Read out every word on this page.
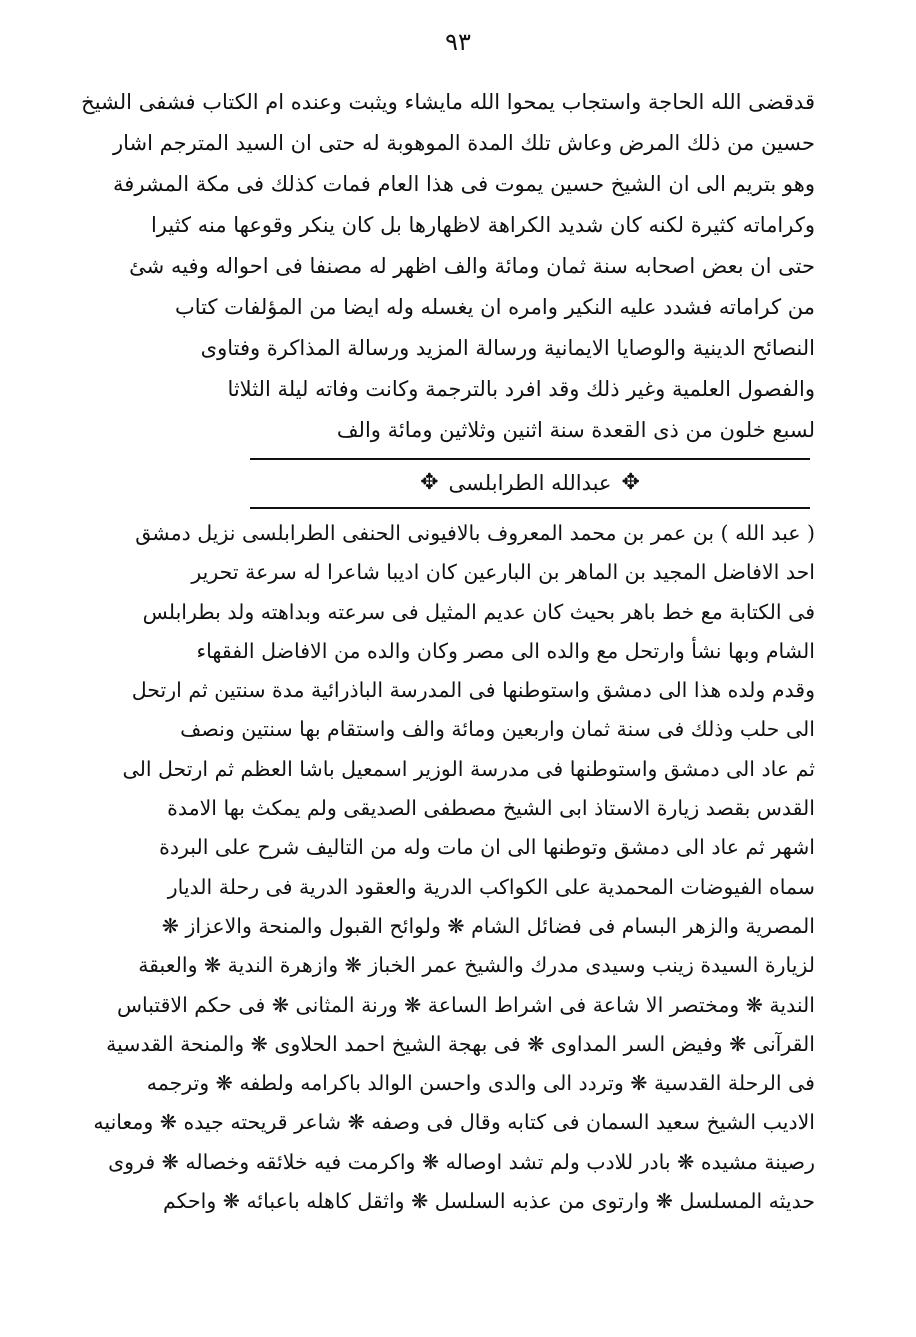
٩٣
قدقضى الله الحاجة واستجاب يمحوا الله مايشاء ويثبت وعنده ام الكتاب فشفى الشيخ
حسين من ذلك المرض وعاش تلك المدة الموهوبة له حتى ان السيد المترجم اشار
وهو بتريم الى ان الشيخ حسين يموت فى هذا العام فمات كذلك فى مكة المشرفة
وكراماته كثيرة لكنه كان شديد الكراهة لاظهارها بل كان ينكر وقوعها منه كثيرا
حتى ان بعض اصحابه سنة ثمان ومائة والف اظهر له مصنفا فى احواله وفيه شئ
من كراماته فشدد عليه النكير وامره ان يغسله وله ايضا من المؤلفات كتاب
النصائح الدينية والوصايا الايمانية ورسالة المزيد ورسالة المذاكرة وفتاوى
والفصول العلمية وغير ذلك وقد افرد بالترجمة وكانت وفاته ليلة الثلاثا
لسبع خلون من ذى القعدة سنة اثنين وثلاثين ومائة والف
✥
عبدالله الطرابلسى
✥
( عبد الله ) بن عمر بن محمد المعروف بالافيونى الحنفى الطرابلسى نزيل دمشق
احد الافاضل المجيد بن الماهر بن البارعين كان اديبا شاعرا له سرعة تحرير
فى الكتابة مع خط باهر بحيث كان عديم المثيل فى سرعته وبداهته ولد بطرابلس
الشام وبها نشأ وارتحل مع والده الى مصر وكان والده من الافاضل الفقهاء
وقدم ولده هذا الى دمشق واستوطنها فى المدرسة الباذرائية مدة سنتين ثم ارتحل
الى حلب وذلك فى سنة ثمان واربعين ومائة والف واستقام بها سنتين ونصف
ثم عاد الى دمشق واستوطنها فى مدرسة الوزير اسمعيل باشا العظم ثم ارتحل الى
القدس بقصد زيارة الاستاذ ابى الشيخ مصطفى الصديقى ولم يمكث بها الامدة
اشهر ثم عاد الى دمشق وتوطنها الى ان مات وله من التاليف شرح على البردة
سماه الفيوضات المحمدية على الكواكب الدرية والعقود الدرية فى رحلة الديار
المصرية والزهر البسام فى فضائل الشام ❋ ولوائح القبول والمنحة والاعزاز ❋
لزيارة السيدة زينب وسيدى مدرك والشيخ عمر الخباز ❋ وازهرة الندية ❋ والعبقة
الندية ❋ ومختصر الا شاعة فى اشراط الساعة ❋ ورنة المثانى ❋ فى حكم الاقتباس
القرآنى ❋ وفيض السر المداوى ❋ فى بهجة الشيخ احمد الحلاوى ❋ والمنحة القدسية
فى الرحلة القدسية ❋ وتردد الى والدى واحسن الوالد باكرامه ولطفه ❋ وترجمه
الاديب الشيخ سعيد السمان فى كتابه وقال فى وصفه ❋ شاعر قريحته جيده ❋ ومعانيه
رصينة مشيده ❋ بادر للادب ولم تشد اوصاله ❋ واكرمت فيه خلائقه وخصاله ❋ فروى
حديثه المسلسل ❋ وارتوى من عذبه السلسل ❋ واثقل كاهله باعبائه ❋ واحكم
